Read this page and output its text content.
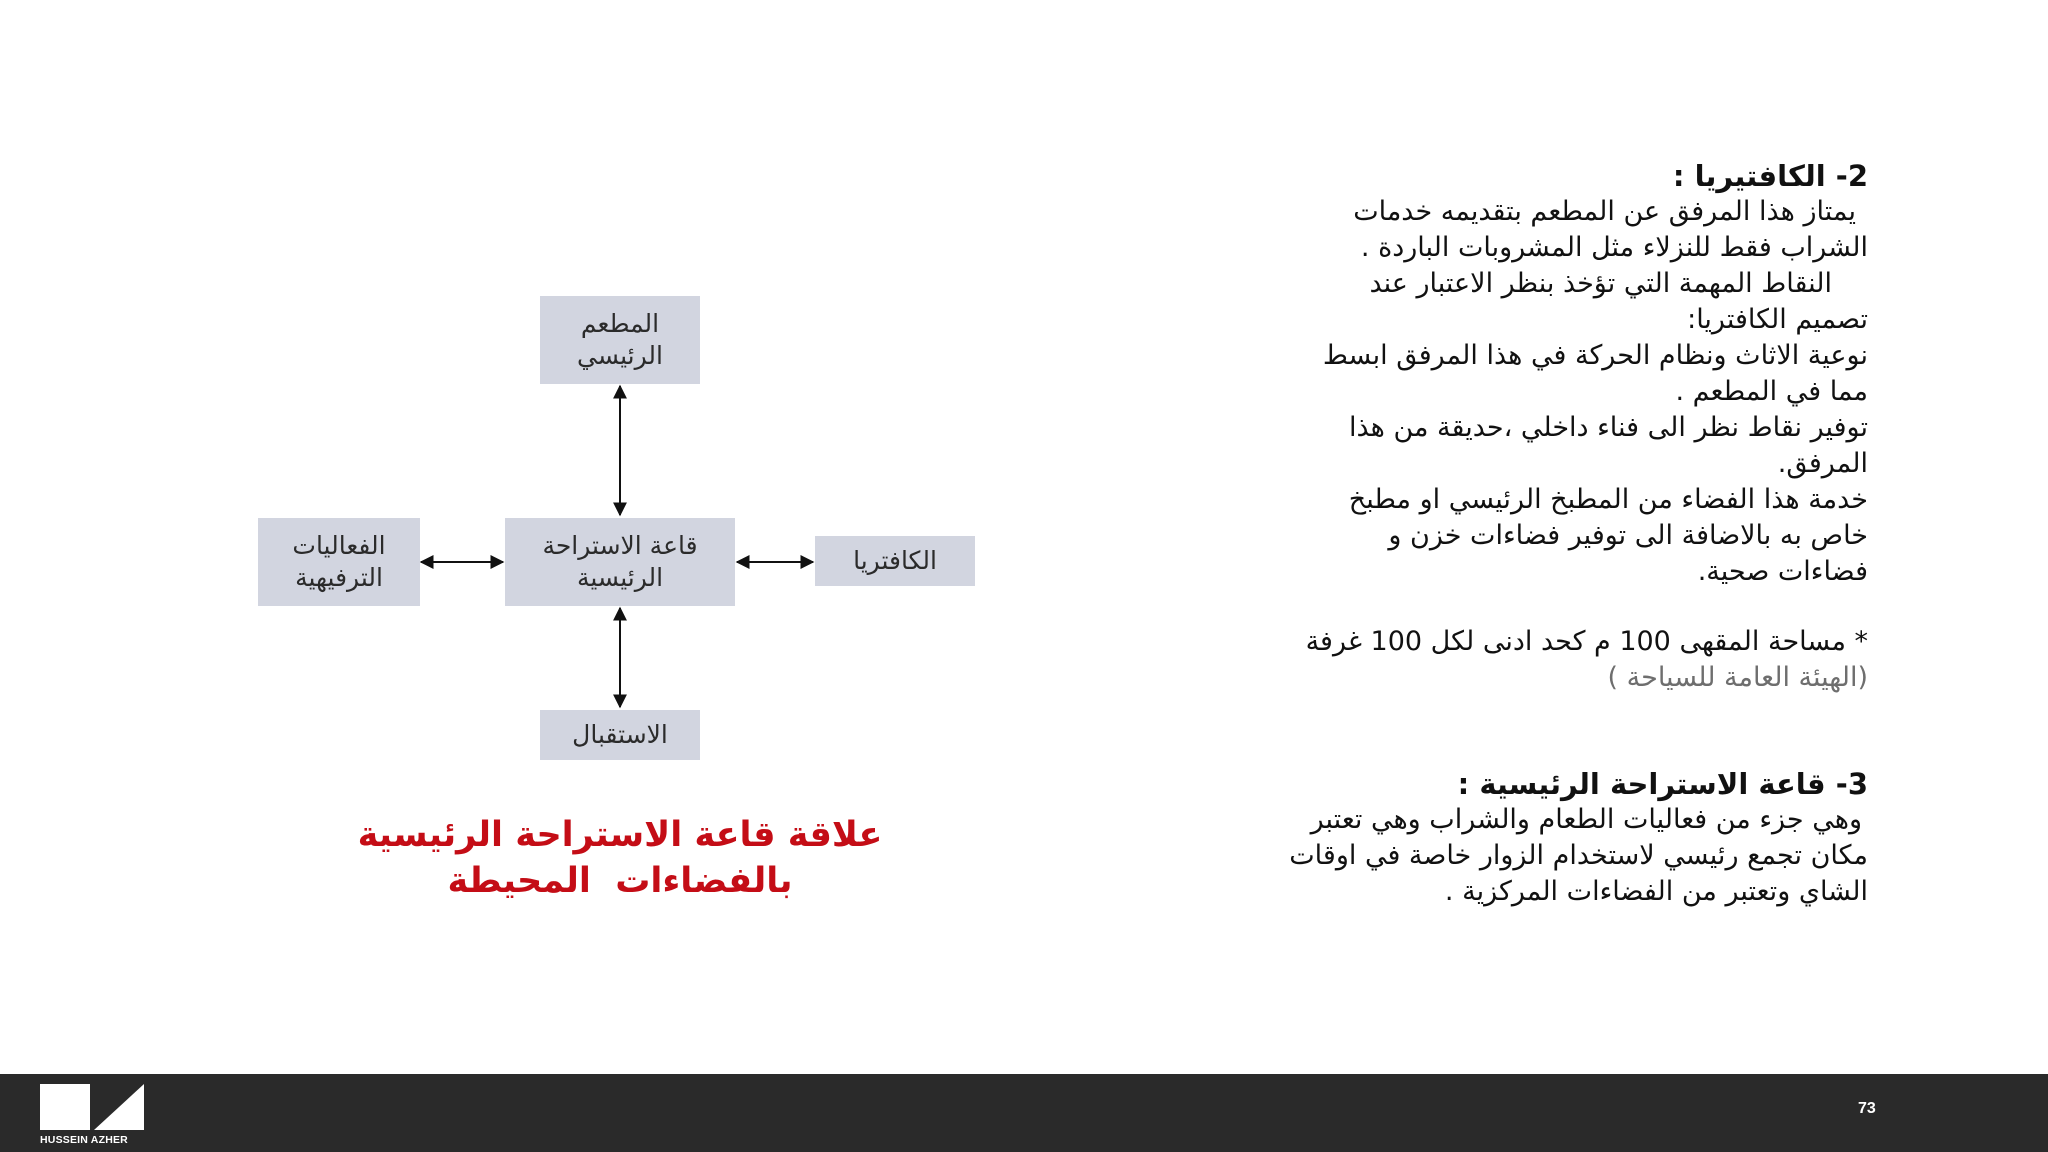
2- الكافتيريا :
يمتاز هذا المرفق عن المطعم بتقديمه خدمات
الشراب فقط للنزلاء مثل المشروبات الباردة .
النقاط المهمة التي تؤخذ بنظر الاعتبار عند
تصميم الكافتريا:
نوعية الاثاث ونظام الحركة في هذا المرفق ابسط
مما في المطعم .
توفير نقاط نظر الى فناء داخلي ،حديقة من هذا
المرفق.
خدمة هذا الفضاء من المطبخ الرئيسي او مطبخ
خاص به بالاضافة الى توفير فضاءات خزن و
فضاءات صحية.
* مساحة المقهى 100 م كحد ادنى لكل 100 غرفة
(الهيئة العامة للسياحة )
3- قاعة الاستراحة الرئيسية :
وهي جزء من فعاليات الطعام والشراب وهي تعتبر
مكان تجمع رئيسي لاستخدام الزوار خاصة في اوقات
الشاي وتعتبر من الفضاءات المركزية .
المطعم
الرئيسي
قاعة الاستراحة
الرئيسية
الفعاليات
الترفيهية
الكافتريا
الاستقبال
علاقة قاعة الاستراحة الرئيسية
بالفضاءات  المحيطة
HUSSEIN AZHER
73
